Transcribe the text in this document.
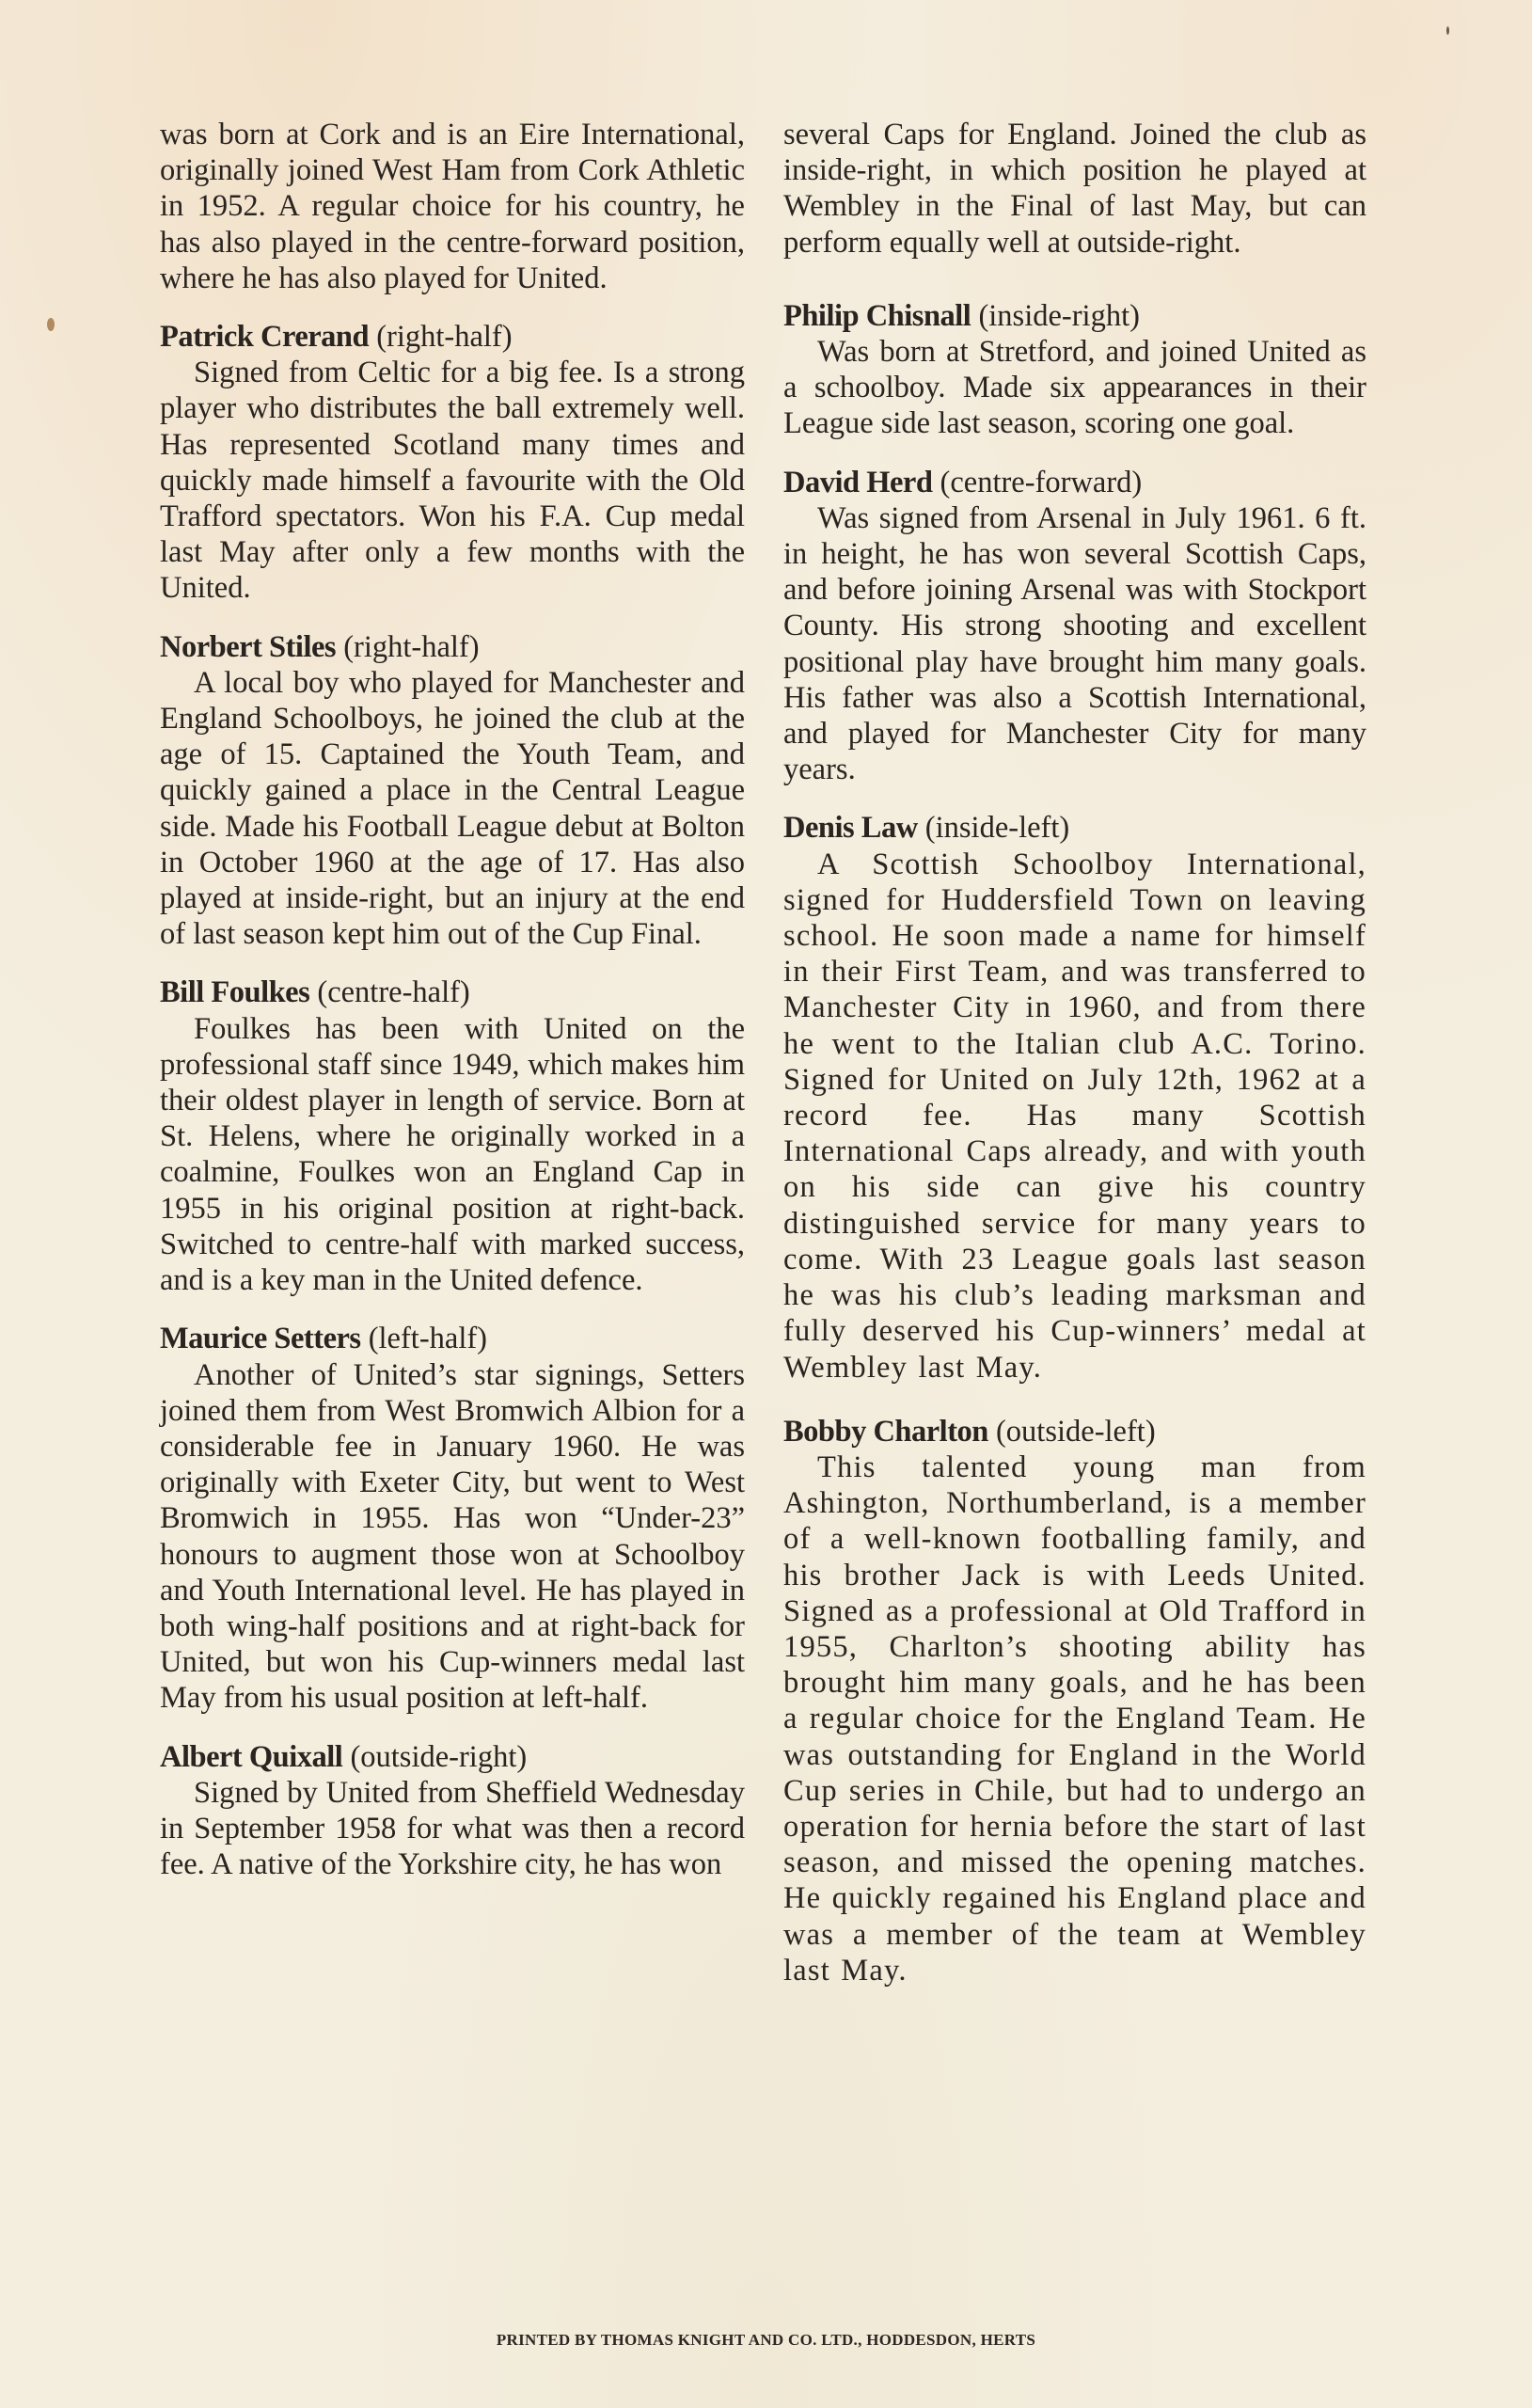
was born at Cork and is an Eire International, originally joined West Ham from Cork Athletic in 1952. A regular choice for his country, he has also played in the centre-forward position, where he has also played for United.

Patrick Crerand (right-half)

Signed from Celtic for a big fee. Is a strong player who distributes the ball extremely well. Has represented Scotland many times and quickly made himself a favourite with the Old Trafford spectators. Won his F.A. Cup medal last May after only a few months with the United.

Norbert Stiles (right-half)

A local boy who played for Manchester and England Schoolboys, he joined the club at the age of 15. Captained the Youth Team, and quickly gained a place in the Central League side. Made his Football League debut at Bolton in October 1960 at the age of 17. Has also played at inside-right, but an injury at the end of last season kept him out of the Cup Final.

Bill Foulkes (centre-half)

Foulkes has been with United on the professional staff since 1949, which makes him their oldest player in length of service. Born at St. Helens, where he originally worked in a coalmine, Foulkes won an England Cap in 1955 in his original position at right-back. Switched to centre-half with marked success, and is a key man in the United defence.

Maurice Setters (left-half)

Another of United’s star signings, Setters joined them from West Bromwich Albion for a considerable fee in January 1960. He was originally with Exeter City, but went to West Bromwich in 1955. Has won “Under-23” honours to augment those won at Schoolboy and Youth International level. He has played in both wing-half positions and at right-back for United, but won his Cup-winners medal last May from his usual position at left-half.

Albert Quixall (outside-right)

Signed by United from Sheffield Wednesday in September 1958 for what was then a record fee. A native of the Yorkshire city, he has won

several Caps for England. Joined the club as inside-right, in which position he played at Wembley in the Final of last May, but can perform equally well at outside-right.

Philip Chisnall (inside-right)

Was born at Stretford, and joined United as a schoolboy. Made six appearances in their League side last season, scoring one goal.

David Herd (centre-forward)

Was signed from Arsenal in July 1961. 6 ft. in height, he has won several Scottish Caps, and before joining Arsenal was with Stockport County. His strong shooting and excellent positional play have brought him many goals. His father was also a Scottish International, and played for Manchester City for many years.

Denis Law (inside-left)

A Scottish Schoolboy International, signed for Huddersfield Town on leaving school. He soon made a name for himself in their First Team, and was transferred to Manchester City in 1960, and from there he went to the Italian club A.C. Torino. Signed for United on July 12th, 1962 at a record fee. Has many Scottish International Caps already, and with youth on his side can give his country distinguished service for many years to come. With 23 League goals last season he was his club’s leading marksman and fully deserved his Cup-winners’ medal at Wembley last May.

Bobby Charlton (outside-left)

This talented young man from Ashington, Northumberland, is a member of a well-known footballing family, and his brother Jack is with Leeds United. Signed as a professional at Old Trafford in 1955, Charlton’s shooting ability has brought him many goals, and he has been a regular choice for the England Team. He was outstanding for England in the World Cup series in Chile, but had to undergo an operation for hernia before the start of last season, and missed the opening matches. He quickly regained his England place and was a member of the team at Wembley last May.

PRINTED BY THOMAS KNIGHT AND CO. LTD., HODDESDON, HERTS
